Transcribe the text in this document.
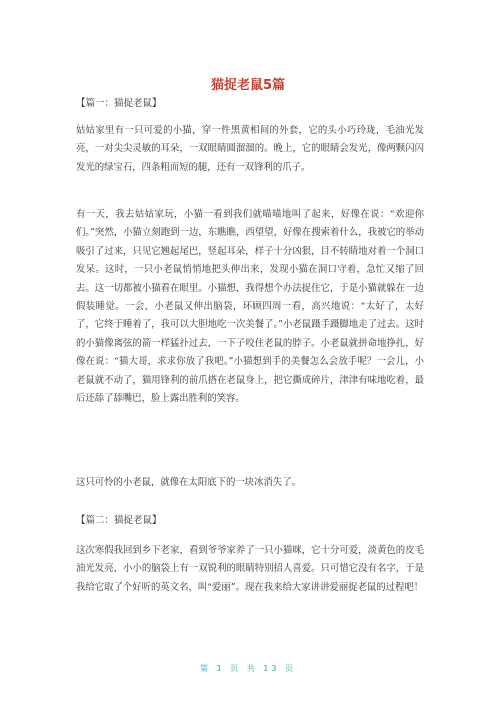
猫捉老鼠5篇

【篇一：猫捉老鼠】

姑姑家里有一只可爱的小猫，穿一件黑黄相间的外套，它的头小巧玲珑，毛油光发亮，一对尖尖灵敏的耳朵，一双眼睛圆溜溜的。晚上，它的眼睛会发光，像两颗闪闪发光的绿宝石，四条粗而短的腿，还有一双锋利的爪子。

有一天，我去姑姑家玩，小猫一看到我们就喵喵地叫了起来，好像在说：“欢迎你们。”突然，小猫立刻跑到一边，东瞧瞧，西望望，好像在搜索着什么，我被它的举动吸引了过来，只见它翘起尾巴，竖起耳朵，样子十分凶狠，目不转睛地对着一个洞口发呆。这时，一只小老鼠悄悄地把头伸出来，发现小猫在洞口守着，急忙又缩了回去。这一切都被小猫看在眼里。小猫想，我得想个办法捉住它，于是小猫就躲在一边假装睡觉。一会，小老鼠又伸出脑袋，环顾四周一看，高兴地说：“太好了，太好了，它终于睡着了，我可以大胆地吃一次美餐了。”小老鼠蹑手蹑脚地走了过去。这时的小猫像离弦的箭一样猛扑过去，一下子咬住老鼠的脖子。小老鼠就拼命地挣扎，好像在说：“猫大哥，求求你放了我吧。”小猫想到手的美餐怎么会放手呢？一会儿，小老鼠就不动了，猫用锋利的前爪搭在老鼠身上，把它撕成碎片，津津有味地吃着，最后还舔了舔嘴巴，脸上露出胜利的笑容。

这只可怜的小老鼠，就像在太阳底下的一块冰消失了。

【篇二：猫捉老鼠】

这次寒假我回到乡下老家，看到爷爷家养了一只小猫咪，它十分可爱，淡黄色的皮毛油光发亮，小小的脑袋上有一双锐利的眼睛特别招人喜爱。只可惜它没有名字，于是我给它取了个好听的英文名，叫“爱丽”。现在我来给大家讲讲爱丽捉老鼠的过程吧！

第 1 页 共 13 页
